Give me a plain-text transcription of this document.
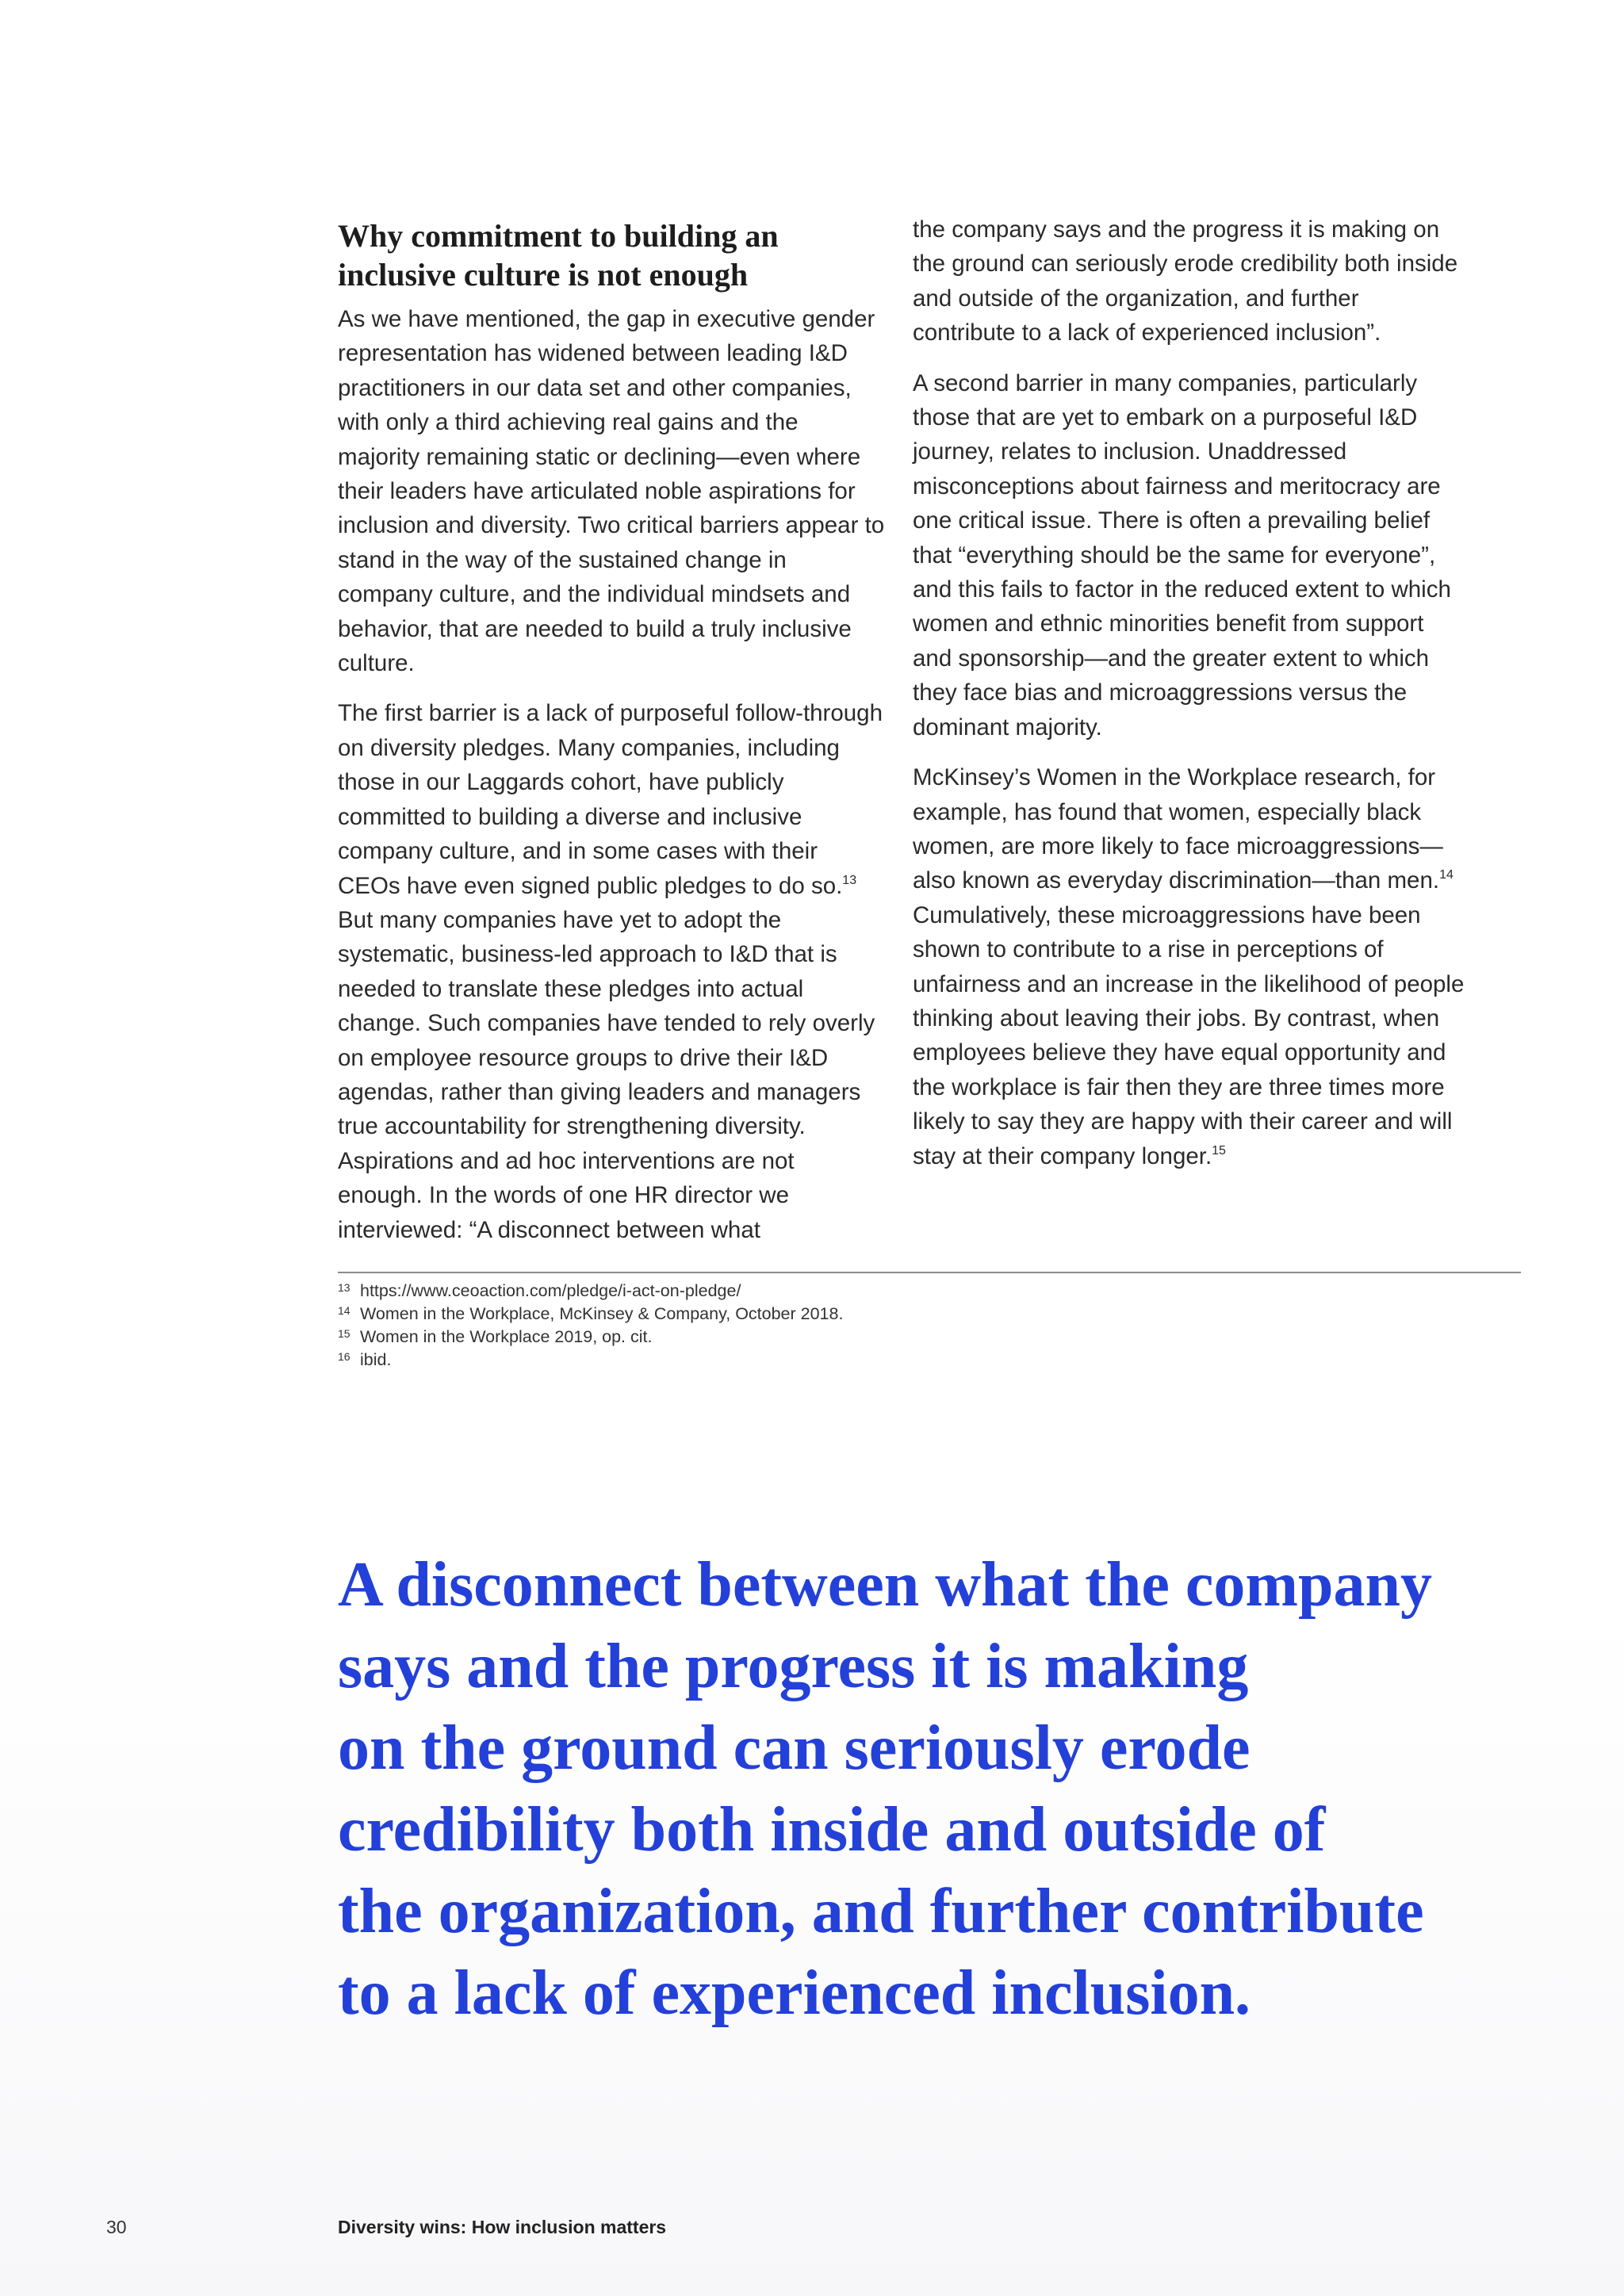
Why commitment to building an inclusive culture is not enough

As we have mentioned, the gap in executive gender representation has widened between leading I&D practitioners in our data set and other companies, with only a third achieving real gains and the majority remaining static or declining—even where their leaders have articulated noble aspirations for inclusion and diversity. Two critical barriers appear to stand in the way of the sustained change in company culture, and the individual mindsets and behavior, that are needed to build a truly inclusive culture.

The first barrier is a lack of purposeful follow-through on diversity pledges. Many companies, including those in our Laggards cohort, have publicly committed to building a diverse and inclusive company culture, and in some cases with their CEOs have even signed public pledges to do so.$^{13}$ But many companies have yet to adopt the systematic, business-led approach to I&D that is needed to translate these pledges into actual change. Such companies have tended to rely overly on employee resource groups to drive their I&D agendas, rather than giving leaders and managers true accountability for strengthening diversity. Aspirations and ad hoc interventions are not enough. In the words of one HR director we interviewed: “A disconnect between what

the company says and the progress it is making on the ground can seriously erode credibility both inside and outside of the organization, and further contribute to a lack of experienced inclusion”.

A second barrier in many companies, particularly those that are yet to embark on a purposeful I&D journey, relates to inclusion. Unaddressed misconceptions about fairness and meritocracy are one critical issue. There is often a prevailing belief that “everything should be the same for everyone”, and this fails to factor in the reduced extent to which women and ethnic minorities benefit from support and sponsorship—and the greater extent to which they face bias and microaggressions versus the dominant majority.

McKinsey’s Women in the Workplace research, for example, has found that women, especially black women, are more likely to face microaggressions—also known as everyday discrimination—than men.$^{14}$ Cumulatively, these microaggressions have been shown to contribute to a rise in perceptions of unfairness and an increase in the likelihood of people thinking about leaving their jobs. By contrast, when employees believe they have equal opportunity and the workplace is fair then they are three times more likely to say they are happy with their career and will stay at their company longer.$^{15}$

13 https://www.ceoaction.com/pledge/i-act-on-pledge/
14 Women in the Workplace, McKinsey & Company, October 2018.
15 Women in the Workplace 2019, op. cit.
16 ibid.
A disconnect between what the company
says and the progress it is making
on the ground can seriously erode
credibility both inside and outside of
the organization, and further contribute
to a lack of experienced inclusion.
30	Diversity wins: How inclusion matters
